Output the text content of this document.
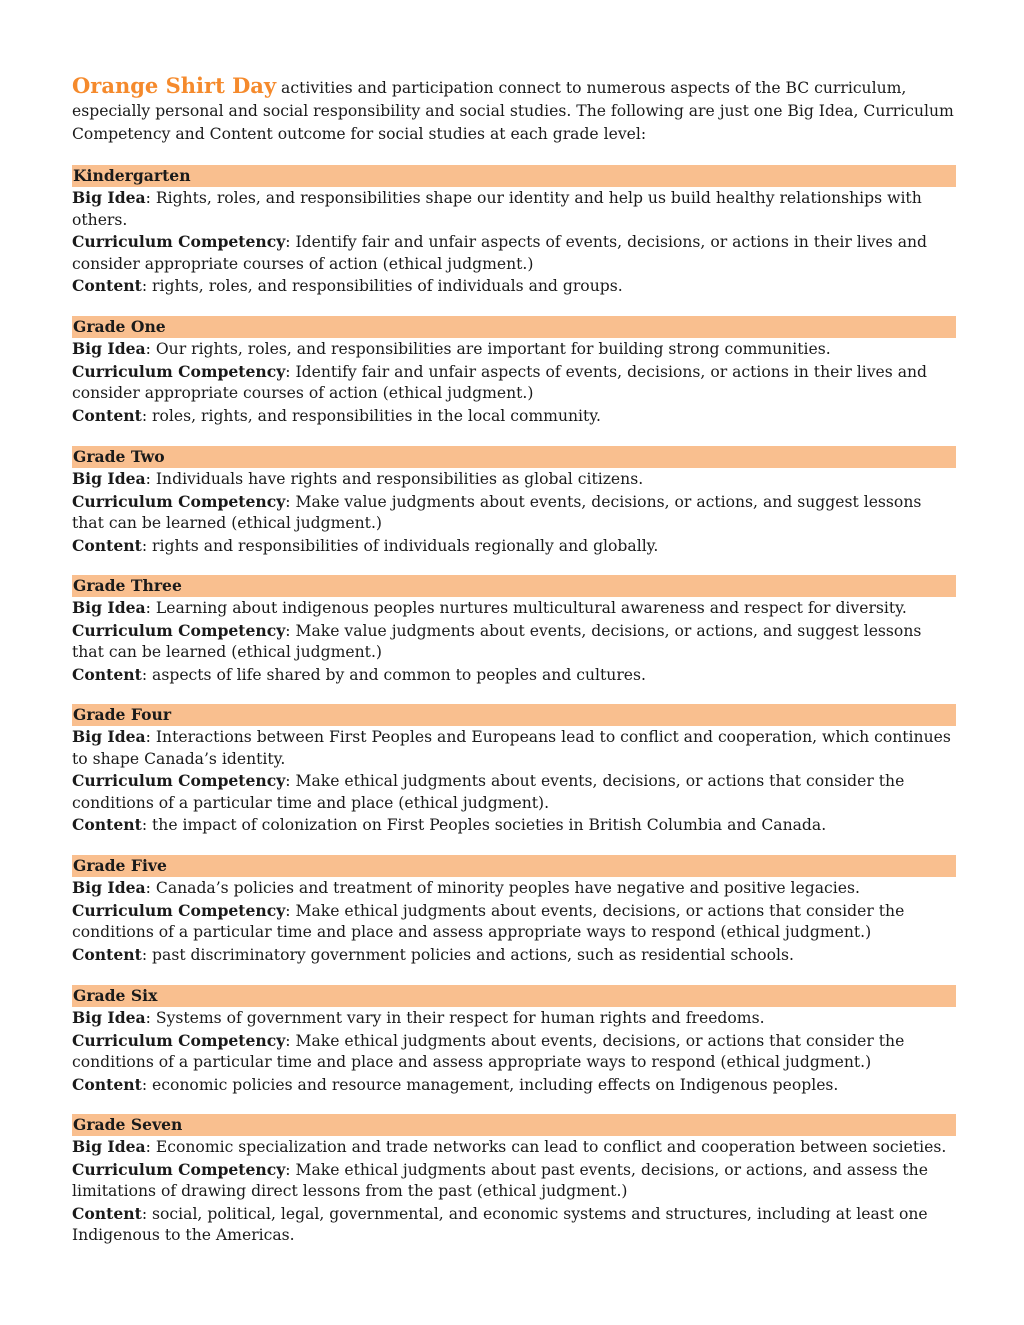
Orange Shirt Day activities and participation connect to numerous aspects of the BC curriculum, especially personal and social responsibility and social studies. The following are just one Big Idea, Curriculum Competency and Content outcome for social studies at each grade level:

Kindergarten

Big Idea: Rights, roles, and responsibilities shape our identity and help us build healthy relationships with others.

Curriculum Competency: Identify fair and unfair aspects of events, decisions, or actions in their lives and consider appropriate courses of action (ethical judgment.)

Content: rights, roles, and responsibilities of individuals and groups.

Grade One

Big Idea: Our rights, roles, and responsibilities are important for building strong communities.

Curriculum Competency: Identify fair and unfair aspects of events, decisions, or actions in their lives and consider appropriate courses of action (ethical judgment.)

Content: roles, rights, and responsibilities in the local community.

Grade Two

Big Idea: Individuals have rights and responsibilities as global citizens.

Curriculum Competency: Make value judgments about events, decisions, or actions, and suggest lessons that can be learned (ethical judgment.)

Content: rights and responsibilities of individuals regionally and globally.

Grade Three

Big Idea: Learning about indigenous peoples nurtures multicultural awareness and respect for diversity.

Curriculum Competency: Make value judgments about events, decisions, or actions, and suggest lessons that can be learned (ethical judgment.)

Content: aspects of life shared by and common to peoples and cultures.

Grade Four

Big Idea: Interactions between First Peoples and Europeans lead to conflict and cooperation, which continues to shape Canada’s identity.

Curriculum Competency: Make ethical judgments about events, decisions, or actions that consider the conditions of a particular time and place (ethical judgment).

Content: the impact of colonization on First Peoples societies in British Columbia and Canada.

Grade Five

Big Idea: Canada’s policies and treatment of minority peoples have negative and positive legacies.

Curriculum Competency: Make ethical judgments about events, decisions, or actions that consider the conditions of a particular time and place and assess appropriate ways to respond (ethical judgment.)

Content: past discriminatory government policies and actions, such as residential schools.

Grade Six

Big Idea: Systems of government vary in their respect for human rights and freedoms.

Curriculum Competency: Make ethical judgments about events, decisions, or actions that consider the conditions of a particular time and place and assess appropriate ways to respond (ethical judgment.)

Content: economic policies and resource management, including effects on Indigenous peoples.

Grade Seven

Big Idea: Economic specialization and trade networks can lead to conflict and cooperation between societies.

Curriculum Competency: Make ethical judgments about past events, decisions, or actions, and assess the limitations of drawing direct lessons from the past (ethical judgment.)

Content: social, political, legal, governmental, and economic systems and structures, including at least one Indigenous to the Americas.
